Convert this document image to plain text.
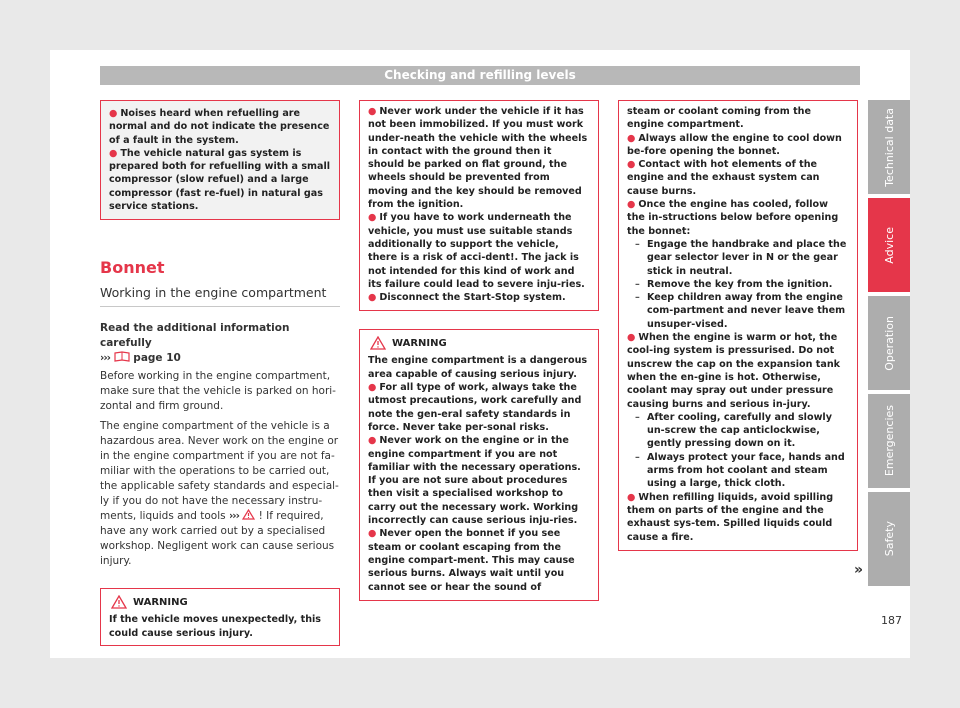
Checking and refilling levels

● Noises heard when refuelling are normal and do not indicate the presence of a fault in the system.

● The vehicle natural gas system is prepared both for refuelling with a small compressor (slow refuel) and a large compressor (fast re-fuel) in natural gas service stations.

Bonnet

Working in the engine compartment

Read the additional information carefully

››› page 10

Before working in the engine compartment, make sure that the vehicle is parked on hori-zontal and firm ground.

The engine compartment of the vehicle is a hazardous area. Never work on the engine or in the engine compartment if you are not fa-miliar with the operations to be carried out, the applicable safety standards and especial-ly if you do not have the necessary instru-ments, liquids and tools ››› ! If required, have any work carried out by a specialised workshop. Negligent work can cause serious injury.

WARNING

If the vehicle moves unexpectedly, this could cause serious injury.

● Never work under the vehicle if it has not been immobilized. If you must work under-neath the vehicle with the wheels in contact with the ground then it should be parked on flat ground, the wheels should be prevented from moving and the key should be removed from the ignition.

● If you have to work underneath the vehicle, you must use suitable stands additionally to support the vehicle, there is a risk of acci-dent!. The jack is not intended for this kind of work and its failure could lead to severe inju-ries.

● Disconnect the Start-Stop system.

WARNING

The engine compartment is a dangerous area capable of causing serious injury.

● For all type of work, always take the utmost precautions, work carefully and note the gen-eral safety standards in force. Never take per-sonal risks.

● Never work on the engine or in the engine compartment if you are not familiar with the necessary operations. If you are not sure about procedures then visit a specialised workshop to carry out the necessary work. Working incorrectly can cause serious inju-ries.

● Never open the bonnet if you see steam or coolant escaping from the engine compart-ment. This may cause serious burns. Always wait until you cannot see or hear the sound of

steam or coolant coming from the engine compartment.

● Always allow the engine to cool down be-fore opening the bonnet.

● Contact with hot elements of the engine and the exhaust system can cause burns.

● Once the engine has cooled, follow the in-structions below before opening the bonnet:

– Engage the handbrake and place the gear selector lever in N or the gear stick in neutral.

– Remove the key from the ignition.

– Keep children away from the engine com-partment and never leave them unsuper-vised.

● When the engine is warm or hot, the cool-ing system is pressurised. Do not unscrew the cap on the expansion tank when the en-gine is hot. Otherwise, coolant may spray out under pressure causing burns and serious in-jury.

– After cooling, carefully and slowly un-screw the cap anticlockwise, gently pressing down on it.

– Always protect your face, hands and arms from hot coolant and steam using a large, thick cloth.

● When refilling liquids, avoid spilling them on parts of the engine and the exhaust sys-tem. Spilled liquids could cause a fire.

»
Technical data
Advice
Operation
Emergencies
Safety
187
